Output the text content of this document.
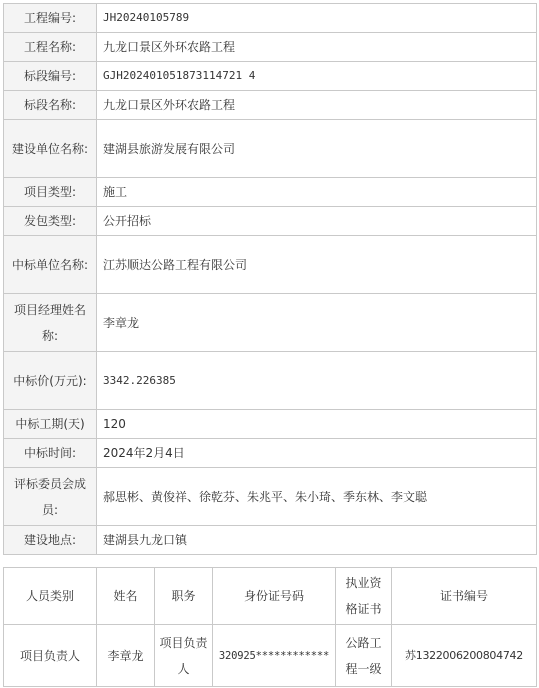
工程编号:	JH20240105789
工程名称:	九龙口景区外环农路工程
标段编号:	GJH202401051873114721 4
标段名称:	九龙口景区外环农路工程
建设单位名称:	建湖县旅游发展有限公司
项目类型:	施工
发包类型:	公开招标
中标单位名称:	江苏顺达公路工程有限公司
项目经理姓名称:	李章龙
中标价(万元):	3342.226385
中标工期(天)	120
中标时间:	2024年2月4日
评标委员会成员:	郝思彬、黄俊祥、徐乾芬、朱兆平、朱小琦、季东林、李文聪
建设地点:	建湖县九龙口镇
人员类别	姓名	职务	身份证号码	执业资格证书	证书编号
项目负责人	李章龙	项目负责人	320925************	公路工程一级	苏1322006200804742
